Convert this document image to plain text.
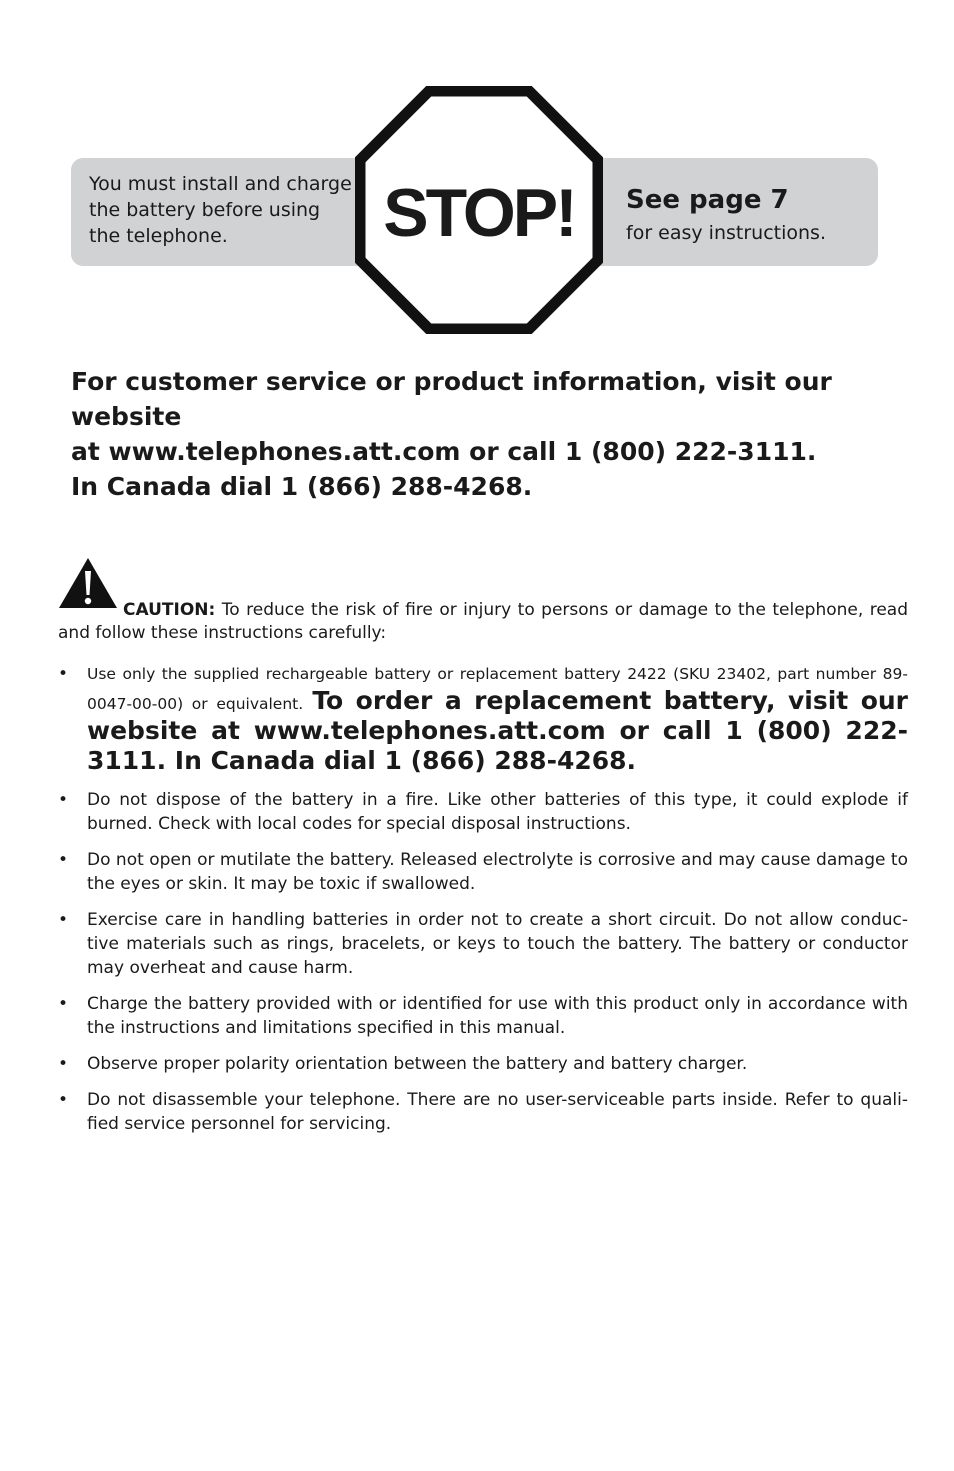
You must install and charge the battery before using the telephone.	STOP!	See page 7
for easy instructions.
For customer service or product information, visit our website
at www.telephones.att.com or call 1 (800) 222-3111.
In Canada dial 1 (866) 288-4268.
CAUTION: To reduce the risk of fire or injury to persons or damage to the telephone, read and follow these instructions carefully:
• Use only the supplied rechargeable battery or replacement battery 2422 (SKU 23402, part number 89-0047-00-00) or equivalent. To order a replacement battery, visit our website at www.telephones.att.com or call 1 (800) 222-3111. In Canada dial 1 (866) 288-4268.
• Do not dispose of the battery in a fire. Like other batteries of this type, it could explode if burned. Check with local codes for special disposal instructions.
• Do not open or mutilate the battery. Released electrolyte is corrosive and may cause damage to the eyes or skin. It may be toxic if swallowed.
• Exercise care in handling batteries in order not to create a short circuit. Do not allow conduc-tive materials such as rings, bracelets, or keys to touch the battery. The battery or conductor may overheat and cause harm.
• Charge the battery provided with or identified for use with this product only in accordance with the instructions and limitations specified in this manual.
• Observe proper polarity orientation between the battery and battery charger.
• Do not disassemble your telephone. There are no user-serviceable parts inside. Refer to quali-fied service personnel for servicing.
